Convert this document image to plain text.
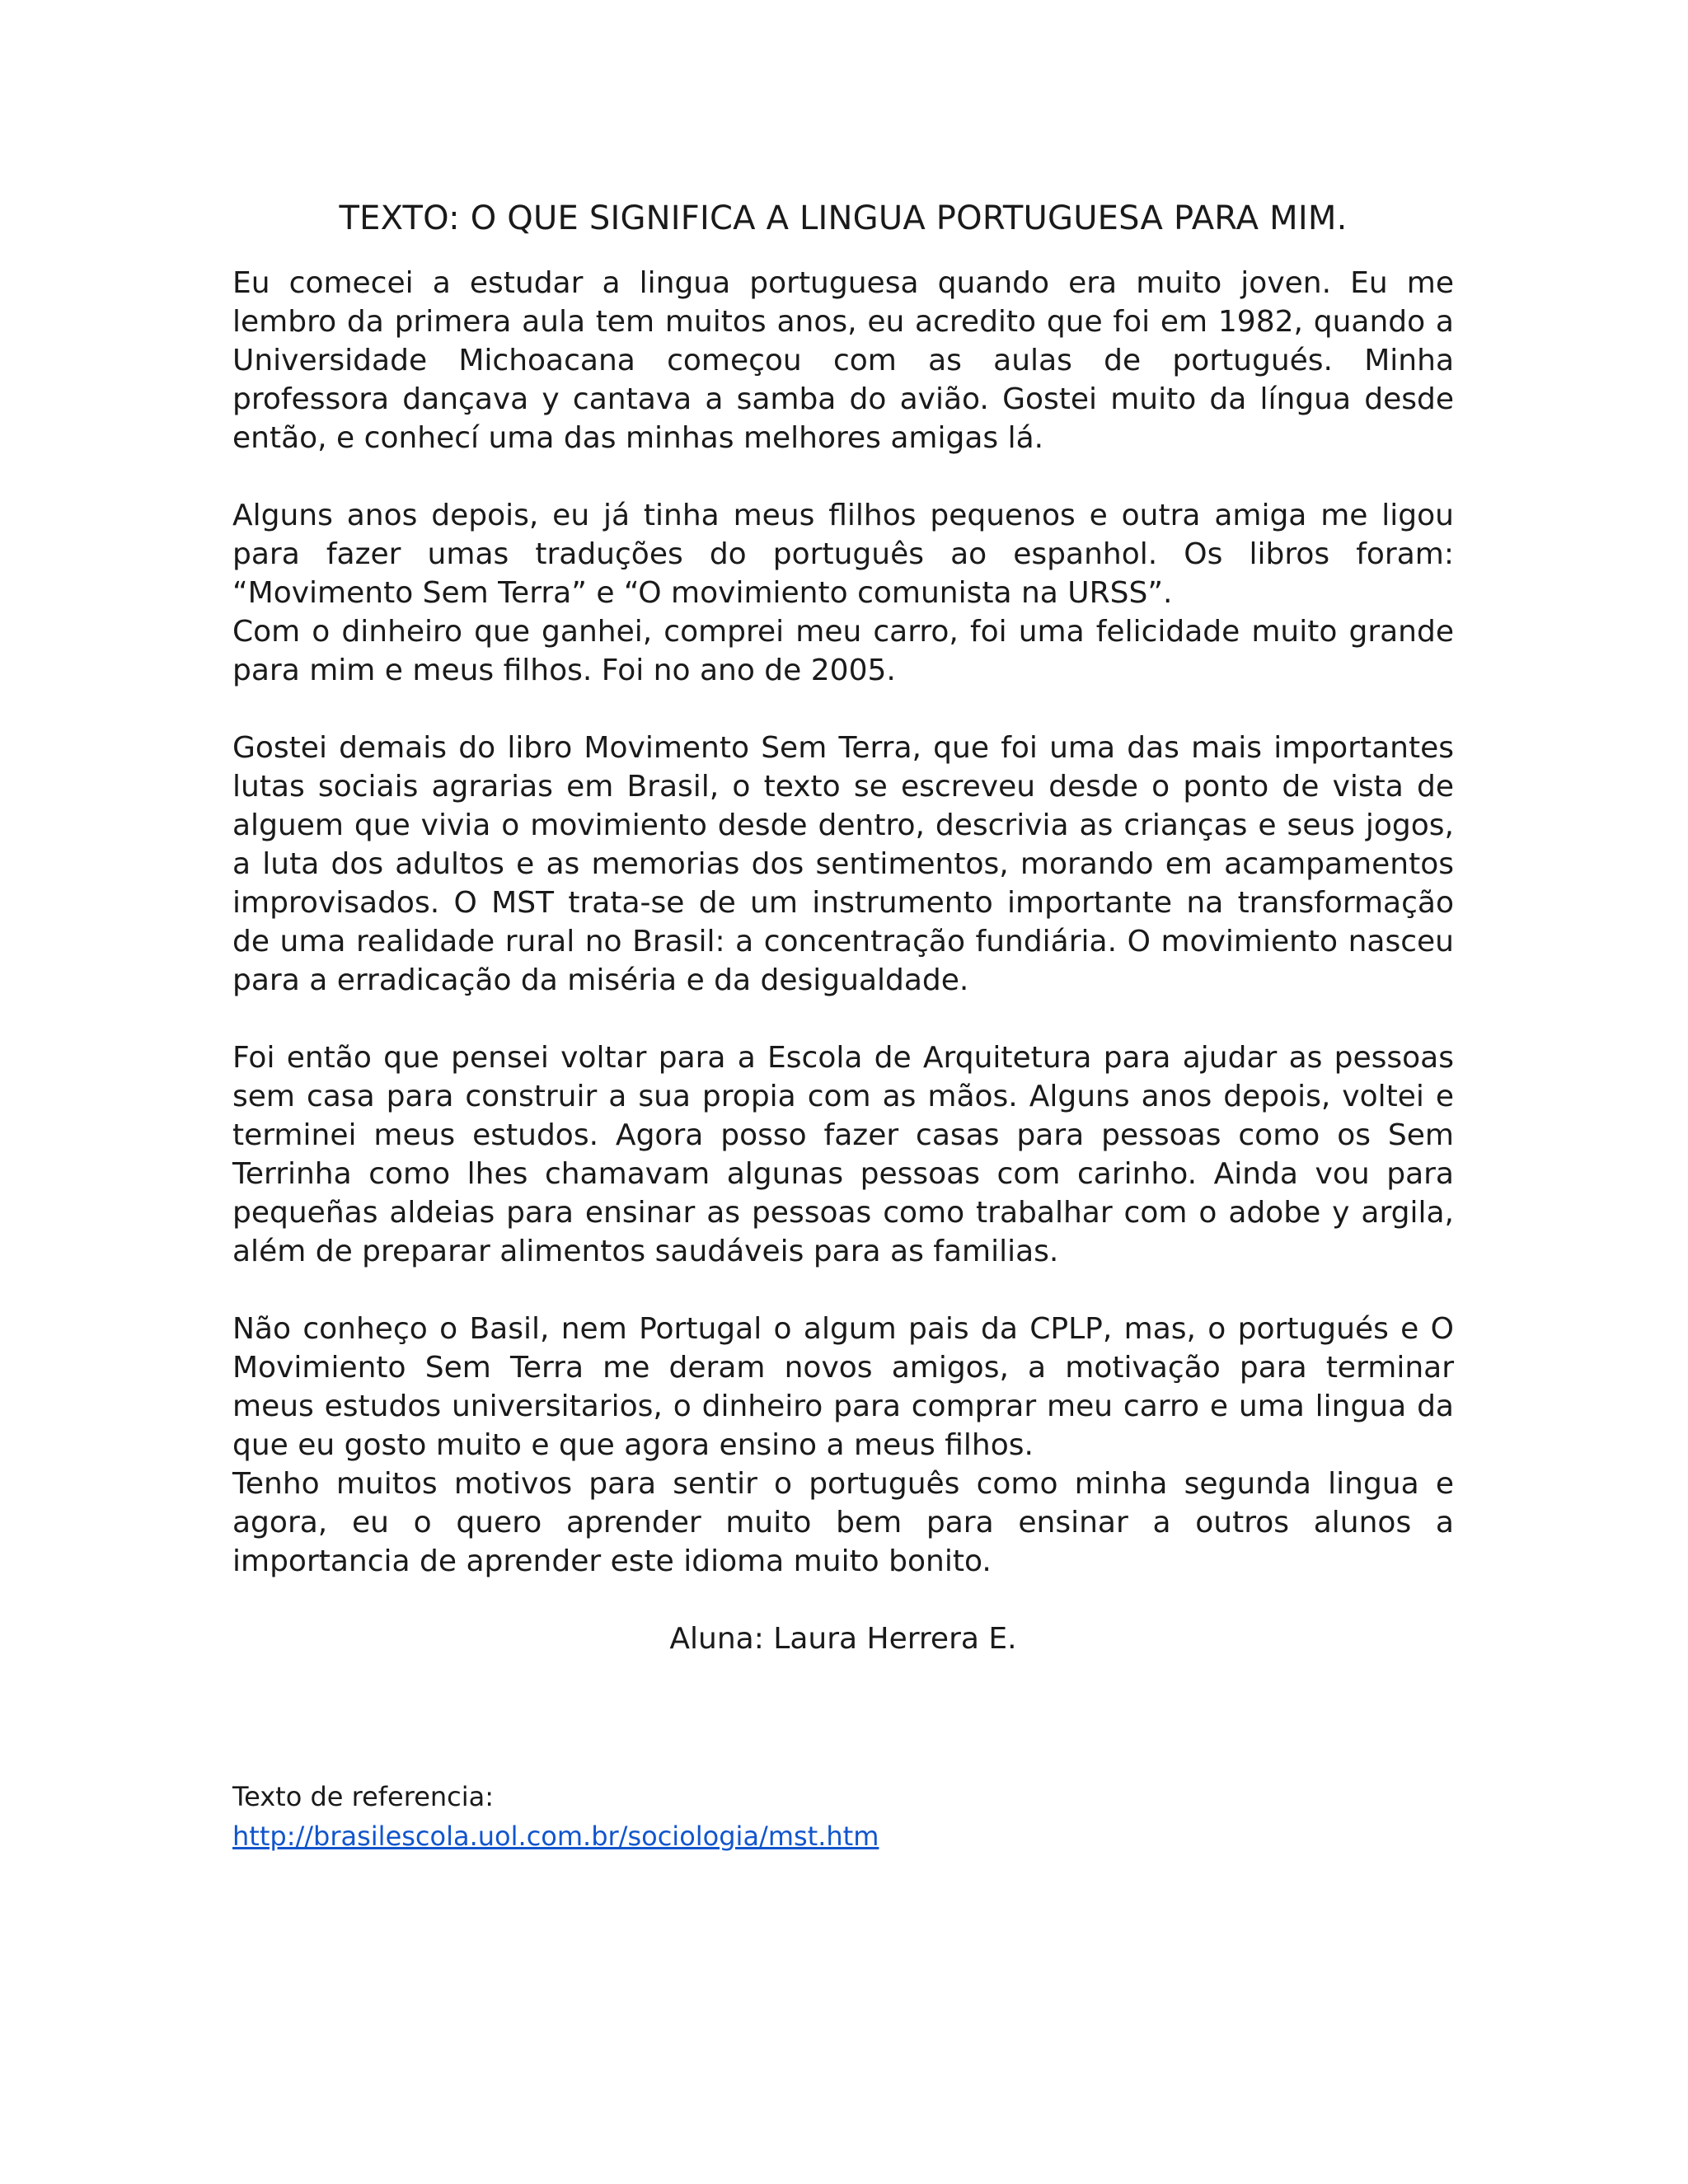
TEXTO: O QUE SIGNIFICA A LINGUA PORTUGUESA PARA MIM.
Eu comecei a estudar a lingua portuguesa quando era muito joven. Eu me
lembro da primera aula tem muitos anos, eu acredito que foi em 1982, quando a
Universidade Michoacana começou com as aulas de portugués. Minha
professora dançava y cantava a samba do avião. Gostei muito da língua desde
então, e conhecí uma das minhas melhores amigas lá.
Alguns anos depois, eu já tinha meus flilhos pequenos e outra amiga me ligou
para fazer umas traduções do português ao espanhol. Os libros foram:
“Movimento Sem Terra” e “O movimiento comunista na URSS”.
Com o dinheiro que ganhei, comprei meu carro, foi uma felicidade muito grande
para mim e meus filhos. Foi no ano de 2005.
Gostei demais do libro Movimento Sem Terra, que foi uma das mais importantes
lutas sociais agrarias em Brasil, o texto se escreveu desde o ponto de vista de
alguem que vivia o movimiento desde dentro, descrivia as crianças e seus jogos,
a luta dos adultos e as memorias dos sentimentos, morando em acampamentos
improvisados. O MST trata-se de um instrumento importante na transformação
de uma realidade rural no Brasil: a concentração fundiária. O movimiento nasceu
para a erradicação da miséria e da desigualdade.
Foi então que pensei voltar para a Escola de Arquitetura para ajudar as pessoas
sem casa para construir a sua propia com as mãos. Alguns anos depois, voltei e
terminei meus estudos. Agora posso fazer casas para pessoas como os Sem
Terrinha como lhes chamavam algunas pessoas com carinho. Ainda vou para
pequeñas aldeias para ensinar as pessoas como trabalhar com o adobe y argila,
além de preparar alimentos saudáveis para as familias.
Não conheço o Basil, nem Portugal o algum pais da CPLP, mas, o portugués e O
Movimiento Sem Terra me deram novos amigos, a motivação para terminar
meus estudos universitarios, o dinheiro para comprar meu carro e uma lingua da
que eu gosto muito e que agora ensino a meus filhos.
Tenho muitos motivos para sentir o português como minha segunda lingua e
agora, eu o quero aprender muito bem para ensinar a outros alunos a
importancia de aprender este idioma muito bonito.

Aluna: Laura Herrera E.

Texto de referencia:
http://brasilescola.uol.com.br/sociologia/mst.htm
